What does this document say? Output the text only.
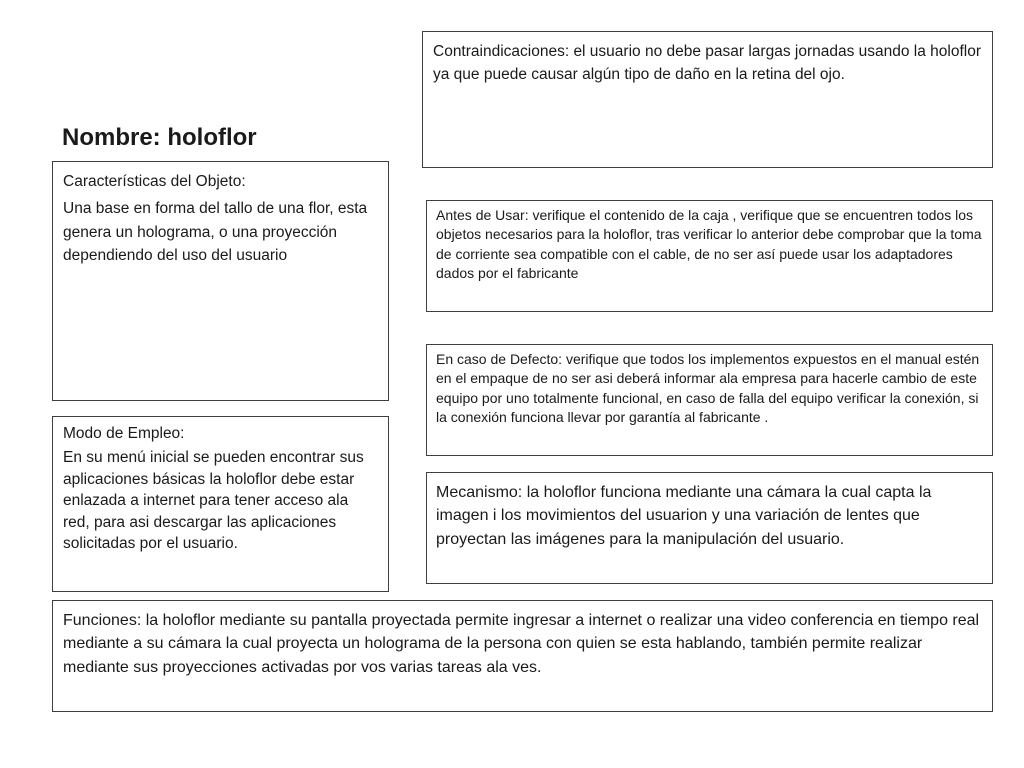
Nombre: holoflor

Contraindicaciones: el usuario no debe pasar largas jornadas usando la holoflor ya que puede causar algún tipo de daño en la retina del ojo.

Características del Objeto:

Una base en forma del tallo de una flor, esta genera un holograma, o una proyección dependiendo del uso del usuario

Antes de Usar: verifique el contenido de la caja , verifique que se encuentren todos los objetos necesarios para la holoflor, tras verificar lo anterior debe comprobar que la toma de corriente sea compatible con el cable, de no ser así puede usar los adaptadores dados por el fabricante

En caso de Defecto: verifique que todos los implementos expuestos en el manual estén en el empaque de no ser asi deberá informar ala empresa para hacerle cambio de este equipo por uno totalmente funcional, en caso de falla del equipo verificar la conexión, si la conexión funciona llevar por garantía al fabricante .

Modo de Empleo:

En su menú inicial se pueden encontrar sus aplicaciones básicas la holoflor debe estar enlazada a internet para tener acceso ala red, para asi descargar las aplicaciones solicitadas por el usuario.

Mecanismo: la holoflor funciona mediante una cámara la cual capta la imagen i los movimientos del usuarion y una variación de lentes que proyectan las imágenes para la manipulación del usuario.

Funciones: la holoflor mediante su pantalla proyectada permite ingresar a internet o realizar una video conferencia en tiempo real mediante a su cámara la cual proyecta un holograma de la persona con quien se esta hablando, también permite realizar mediante sus proyecciones activadas por vos varias tareas ala ves.
